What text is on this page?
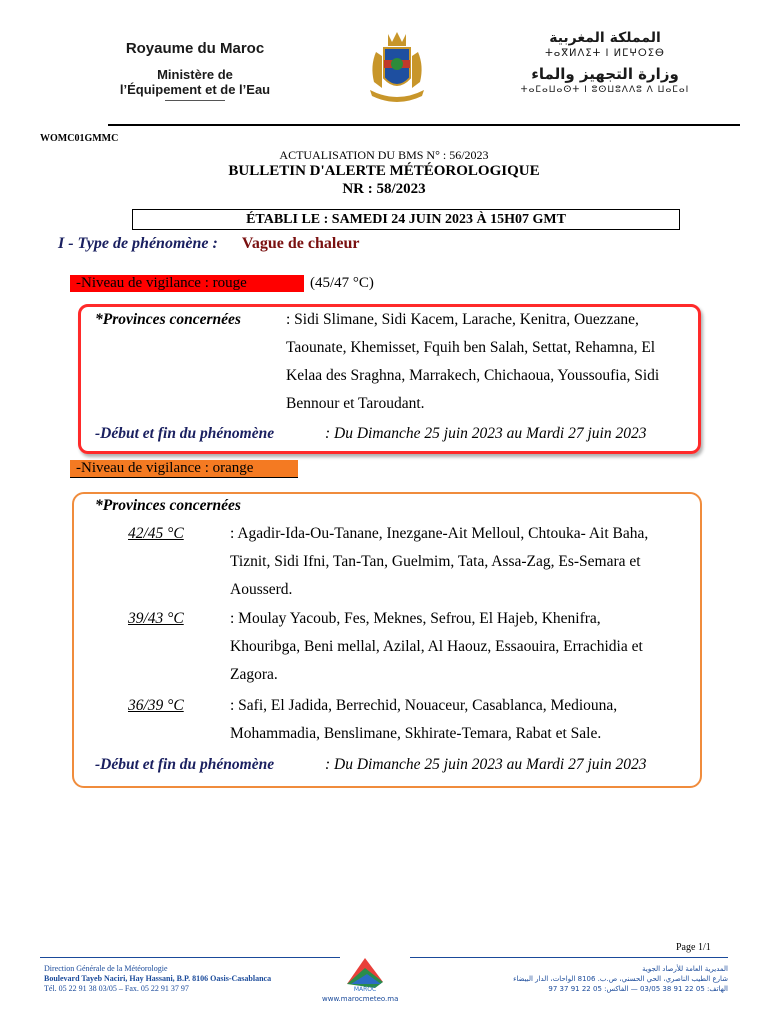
Royaume du Maroc
Ministère de
l’Équipement et de l’Eau
المملكة المغربية
ⵜⴰⴳⵍⴷⵉⵜ ⵏ ⵍⵎⵖⵔⵉⴱ
وزارة التجهيز والماء
ⵜⴰⵎⴰⵡⴰⵙⵜ ⵏ ⵓⵙⵡⵓⴷⴷⵓ ⴷ ⵡⴰⵎⴰⵏ
WOMC01GMMC
ACTUALISATION DU BMS N° : 56/2023
BULLETIN D'ALERTE MÉTÉOROLOGIQUE
NR : 58/2023
ÉTABLI LE : SAMEDI 24 JUIN 2023 À 15H07 GMT
I - Type de phénomène : Vague de chaleur
-Niveau de vigilance : rouge	(45/47 °C)
*Provinces concernées	: Sidi Slimane, Sidi Kacem, Larache, Kenitra, Ouezzane,
Taounate, Khemisset, Fquih ben Salah, Settat, Rehamna, El
Kelaa des Sraghna, Marrakech, Chichaoua, Youssoufia, Sidi
Bennour et Taroudant.
-Début et fin du phénomène	: Du Dimanche 25 juin 2023 au Mardi 27 juin 2023
-Niveau de vigilance : orange
*Provinces concernées
42/45 °C	: Agadir-Ida-Ou-Tanane, Inezgane-Ait Melloul, Chtouka- Ait Baha,
Tiznit, Sidi Ifni, Tan-Tan, Guelmim, Tata, Assa-Zag, Es-Semara et
Aousserd.
39/43 °C	: Moulay Yacoub, Fes, Meknes, Sefrou, El Hajeb, Khenifra,
Khouribga, Beni mellal, Azilal, Al Haouz, Essaouira, Errachidia et
Zagora.
36/39 °C	: Safi, El Jadida, Berrechid, Nouaceur, Casablanca, Mediouna,
Mohammadia, Benslimane, Skhirate-Temara, Rabat et Sale.
-Début et fin du phénomène	: Du Dimanche 25 juin 2023 au Mardi 27 juin 2023
Page 1/1
Direction Générale de la Météorologie
Boulevard Tayeb Naciri, Hay Hassani, B.P. 8106 Oasis-Casablanca
Tél. 05 22 91 38 03/05 – Fax. 05 22 91 37 97	MAROC
www.marocmeteo.ma
المديرية العامة للأرصاد الجوية
شارع الطيب الناصري، الحي الحسني، ص.ب. 8106 الواحات، الدار البيضاء
الهاتف: 05 22 91 38 03/05 — الفاكس: 05 22 91 37 97
